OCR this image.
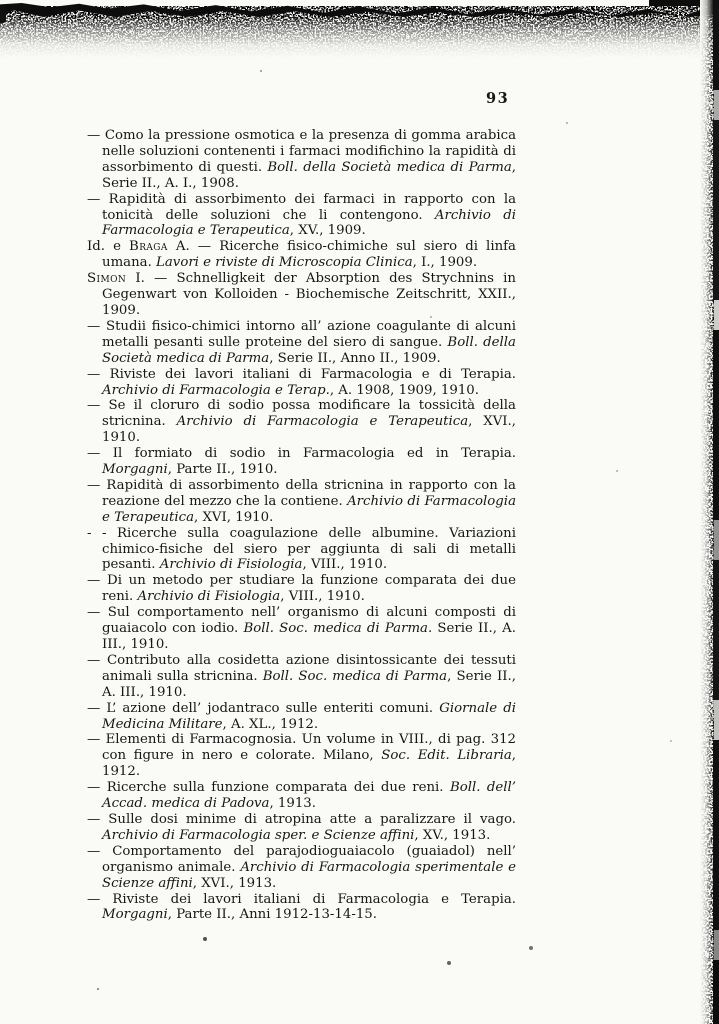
93

— Como la pressione osmotica e la presenza di gomma arabica nelle soluzioni contenenti i farmaci modifichino la rapidità di assorbimento di questi. Boll. della Società medica di Parma, Serie II., A. I., 1908.

— Rapidità di assorbimento dei farmaci in rapporto con la tonicità delle soluzioni che li contengono. Archivio di Farmacologia e Terapeutica, XV., 1909.

Id. e Braga A. — Ricerche fisico-chimiche sul siero di linfa umana. Lavori e riviste di Microscopia Clinica, I., 1909.

Simon I. — Schnelligkeit der Absorption des Strychnins in Gegenwart von Kolloiden - Biochemische Zeitschritt, XXII., 1909.

— Studii fisico-chimici intorno all’ azione coagulante di alcuni metalli pesanti sulle proteine del siero di sangue. Boll. della Società medica di Parma, Serie II., Anno II., 1909.

— Riviste dei lavori italiani di Farmacologia e di Terapia. Archivio di Farmacologia e Terap., A. 1908, 1909, 1910.

— Se il cloruro di sodio possa modificare la tossicità della stricnina. Archivio di Farmacologia e Terapeutica, XVI., 1910.

— Il formiato di sodio in Farmacologia ed in Terapia. Morgagni, Parte II., 1910.

— Rapidità di assorbimento della stricnina in rapporto con la reazione del mezzo che la contiene. Archivio di Farmacologia e Terapeutica, XVI, 1910.

- - Ricerche sulla coagulazione delle albumine. Variazioni chimico-fisiche del siero per aggiunta di sali di metalli pesanti. Archivio di Fisiologia, VIII., 1910.

— Di un metodo per studiare la funzione comparata dei due reni. Archivio di Fisiologia, VIII., 1910.

— Sul comportamento nell’ organismo di alcuni composti di guaiacolo con iodio. Boll. Soc. medica di Parma. Serie II., A. III., 1910.

— Contributo alla cosidetta azione disintossicante dei tessuti animali sulla stricnina. Boll. Soc. medica di Parma, Serie II., A. III., 1910.

— L’ azione dell’ jodantraco sulle enteriti comuni. Giornale di Medicina Militare, A. XL., 1912.

— Elementi di Farmacognosia. Un volume in VIII., di pag. 312 con figure in nero e colorate. Milano, Soc. Edit. Libraria, 1912.

— Ricerche sulla funzione comparata dei due reni. Boll. dell’ Accad. medica di Padova, 1913.

— Sulle dosi minime di atropina atte a paralizzare il vago. Archivio di Farmacologia sper. e Scienze affini, XV., 1913.

— Comportamento del parajodioguaiacolo (guaiadol) nell’ organismo animale. Archivio di Farmacologia sperimentale e Scienze affini, XVI., 1913.

— Riviste dei lavori italiani di Farmacologia e Terapia. Morgagni, Parte II., Anni 1912-13-14-15.
